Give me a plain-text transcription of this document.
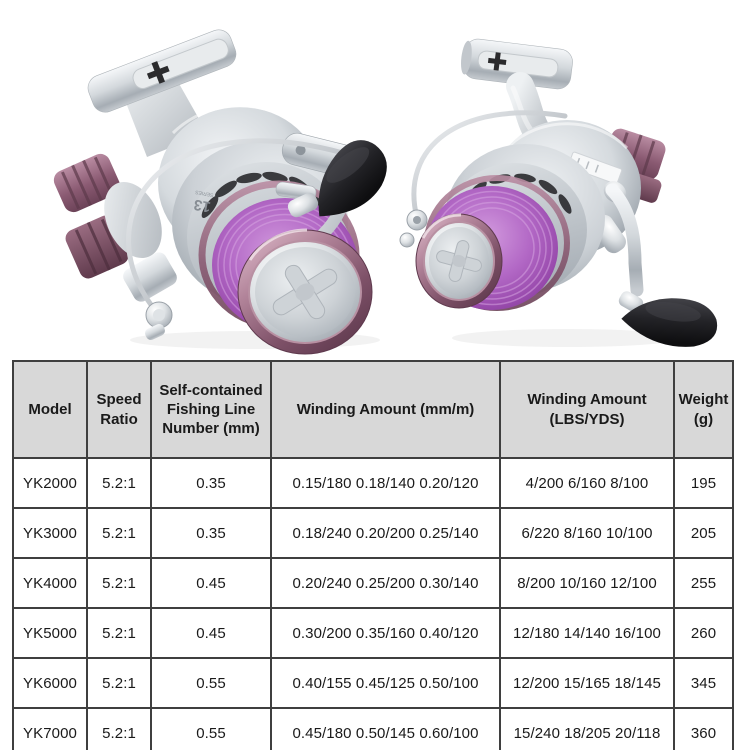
13
SERIES
Model	Speed Ratio	Self-contained Fishing Line Number (mm)	Winding Amount (mm/m)	Winding Amount (LBS/YDS)	Weight (g)
YK2000	5.2:1	0.35	0.15/180 0.18/140 0.20/120	4/200 6/160 8/100	195
YK3000	5.2:1	0.35	0.18/240 0.20/200 0.25/140	6/220 8/160 10/100	205
YK4000	5.2:1	0.45	0.20/240 0.25/200 0.30/140	8/200 10/160 12/100	255
YK5000	5.2:1	0.45	0.30/200 0.35/160 0.40/120	12/180 14/140 16/100	260
YK6000	5.2:1	0.55	0.40/155 0.45/125 0.50/100	12/200 15/165 18/145	345
YK7000	5.2:1	0.55	0.45/180 0.50/145 0.60/100	15/240 18/205 20/118	360
